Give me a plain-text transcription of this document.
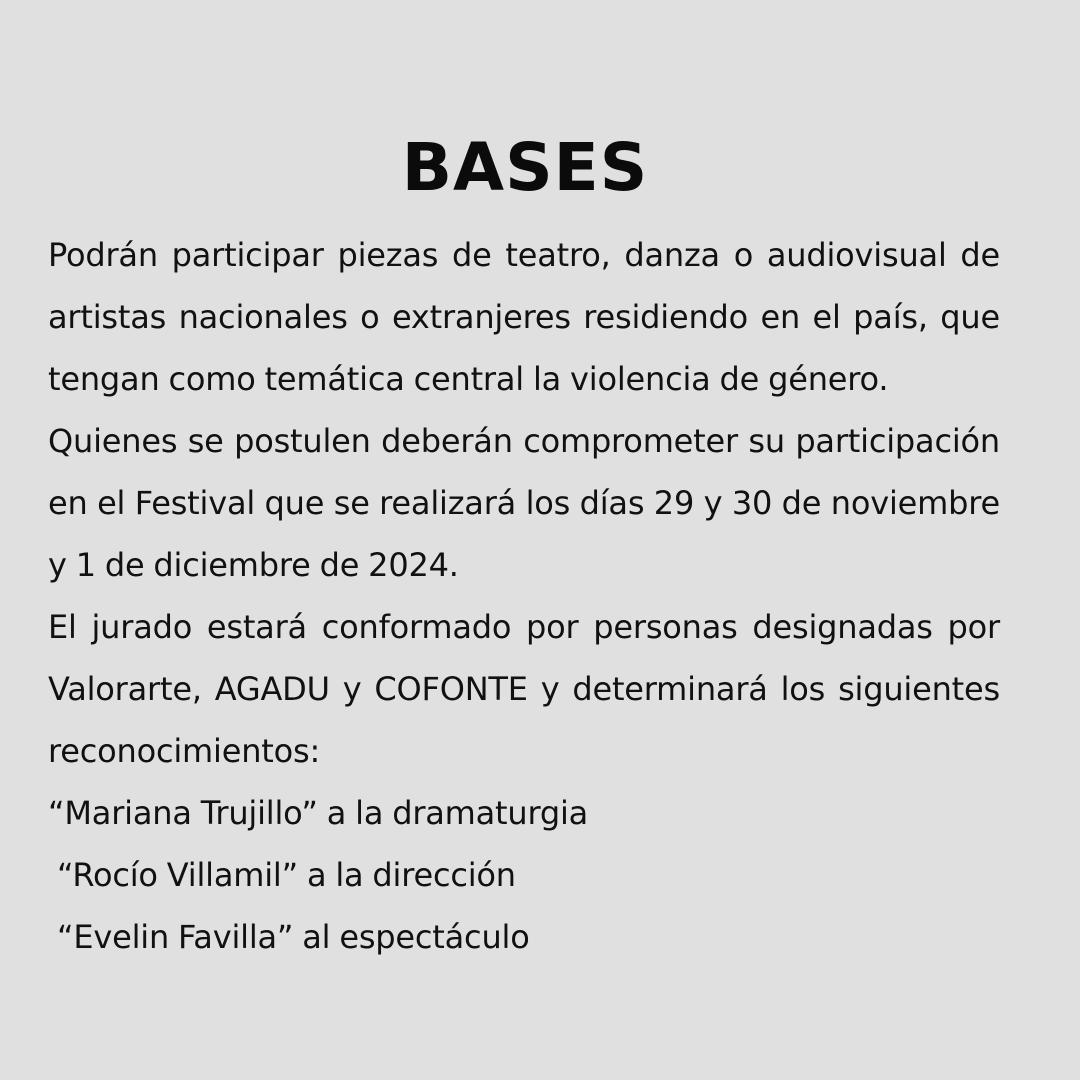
BASES

Podrán participar piezas de teatro, danza o audiovisual de artistas nacionales o extranjeres residiendo en el país, que tengan como temática central la violencia de género.

Quienes se postulen deberán comprometer su participación en el Festival que se realizará los días 29 y 30 de noviembre y 1 de diciembre de 2024.

El jurado estará conformado por personas designadas por Valorarte, AGADU y COFONTE y determinará los siguientes reconocimientos:

“Mariana Trujillo” a la dramaturgia

“Rocío Villamil” a la dirección

“Evelin Favilla” al espectáculo
